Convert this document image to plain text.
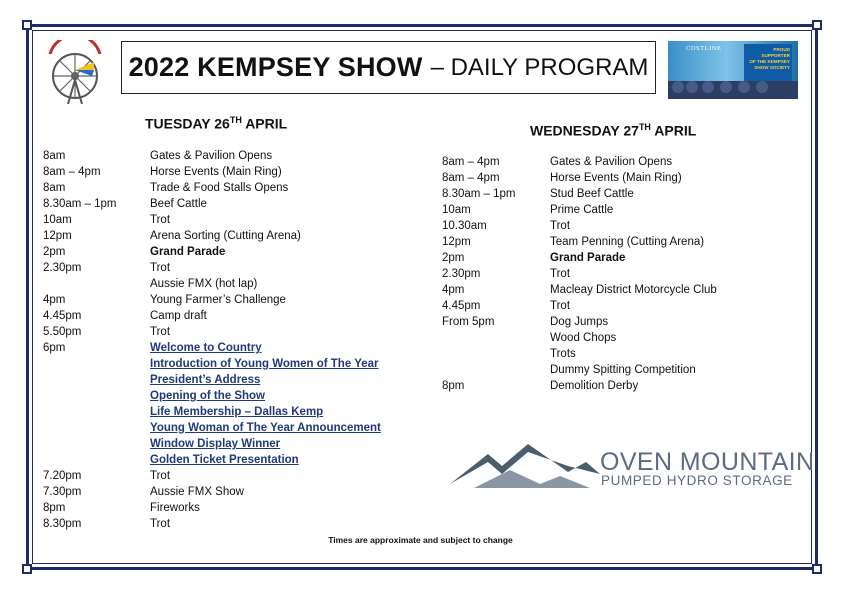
2022 KEMPSEY SHOW – DAILY PROGRAM
COSTLINE	PROUD
SUPPORTER
OF THE KEMPSEY
SHOW SOCIETY
TUESDAY 26TH APRIL	WEDNESDAY 27TH APRIL
8am	Gates & Pavilion Opens
8am – 4pm	Horse Events (Main Ring)
8am	Trade & Food Stalls Opens
8.30am – 1pm	Beef Cattle
10am	Trot
12pm	Arena Sorting (Cutting Arena)
2pm	Grand Parade
2.30pm	Trot
Aussie FMX (hot lap)
4pm	Young Farmer’s Challenge
4.45pm	Camp draft
5.50pm	Trot
6pm	Welcome to Country
Introduction of Young Women of The Year
President’s Address
Opening of the Show
Life Membership – Dallas Kemp
Young Woman of The Year Announcement
Window Display Winner
Golden Ticket Presentation
7.20pm	Trot
7.30pm	Aussie FMX Show
8pm	Fireworks
8.30pm	Trot
8am – 4pm	Gates & Pavilion Opens
8am – 4pm	Horse Events (Main Ring)
8.30am – 1pm	Stud Beef Cattle
10am	Prime Cattle
10.30am	Trot
12pm	Team Penning (Cutting Arena)
2pm	Grand Parade
2.30pm	Trot
4pm	Macleay District Motorcycle Club
4.45pm	Trot
From 5pm	Dog Jumps
Wood Chops
Trots
Dummy Spitting Competition
8pm	Demolition Derby
OVEN MOUNTAIN
PUMPED HYDRO STORAGE
Times are approximate and subject to change
